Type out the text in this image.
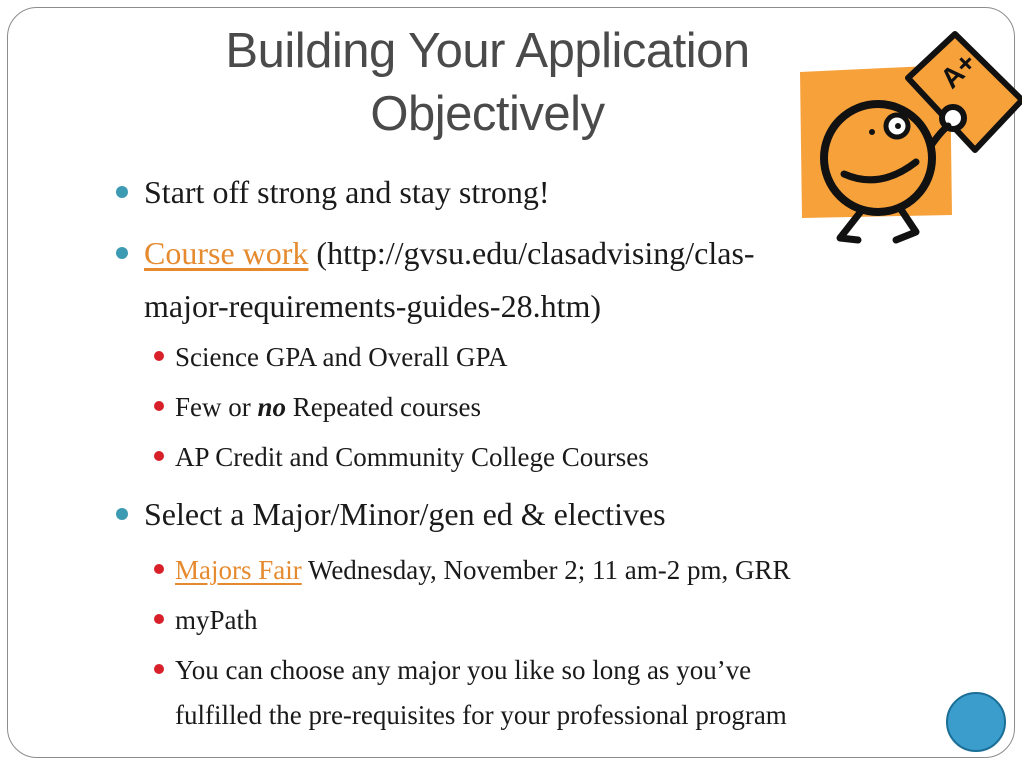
Building Your Application
Objectively
A+
Start off strong and stay strong!
Course work (http://gvsu.edu/clasadvising/clas-
major-requirements-guides-28.htm)
Science GPA and Overall GPA
Few or no Repeated courses
AP Credit and Community College Courses
Select a Major/Minor/gen ed & electives
Majors Fair Wednesday, November 2; 11 am-2 pm, GRR
myPath
You can choose any major you like so long as you’ve
fulfilled the pre-requisites for your professional program
